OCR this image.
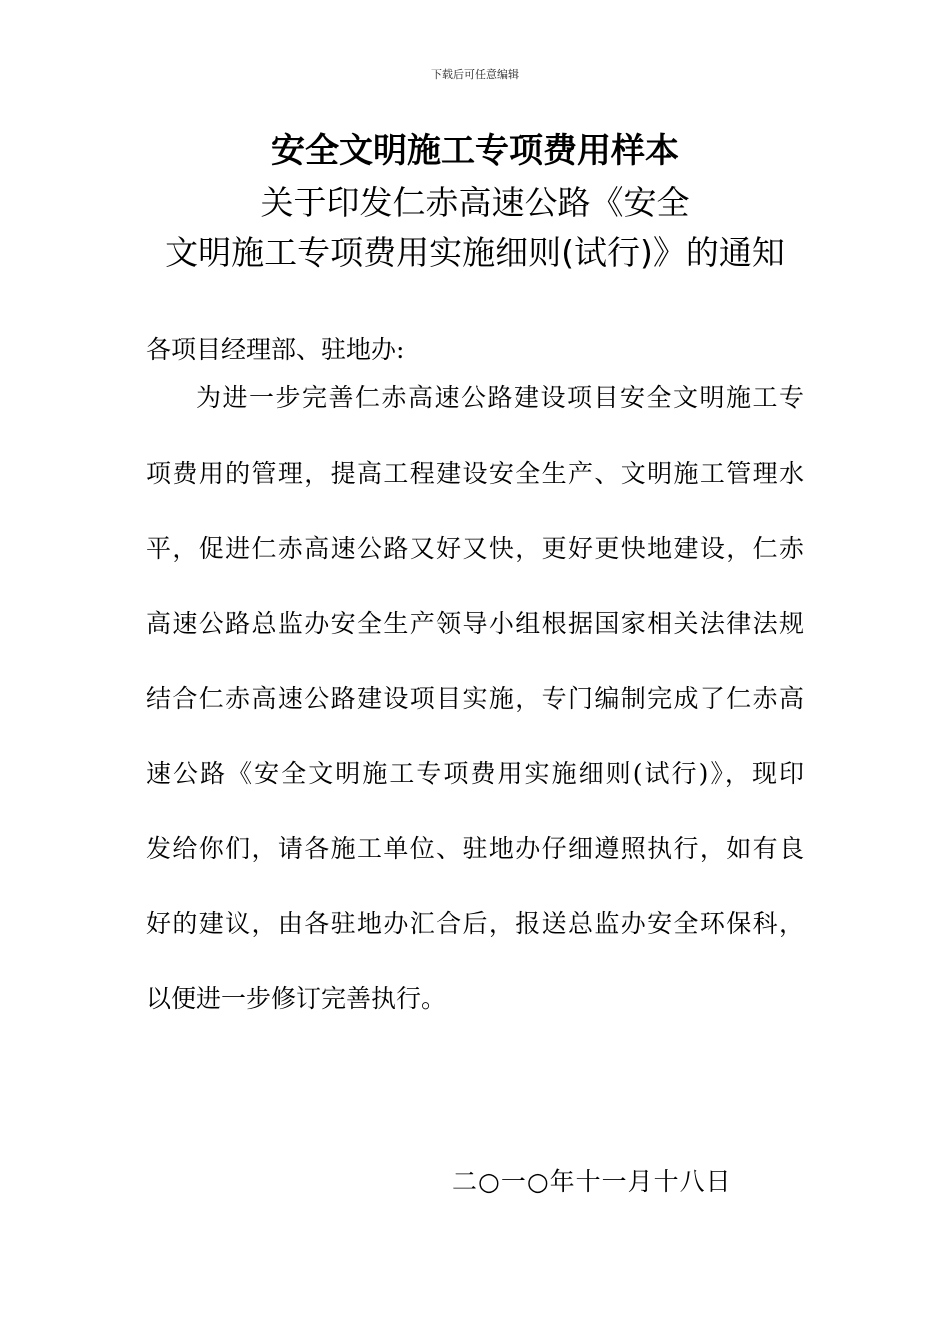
下载后可任意编辑
安全文明施工专项费用样本
关于印发仁赤高速公路《安全
文明施工专项费用实施细则(试行)》的通知
各项目经理部、驻地办:
为进一步完善仁赤高速公路建设项目安全文明施工专
项费用的管理，提高工程建设安全生产、文明施工管理水
平，促进仁赤高速公路又好又快，更好更快地建设，仁赤
高速公路总监办安全生产领导小组根据国家相关法律法规
结合仁赤高速公路建设项目实施，专门编制完成了仁赤高
速公路《安全文明施工专项费用实施细则(试行)》，现印
发给你们，请各施工单位、驻地办仔细遵照执行，如有良
好的建议，由各驻地办汇合后，报送总监办安全环保科，
以便进一步修订完善执行。
二○一○年十一月十八日
